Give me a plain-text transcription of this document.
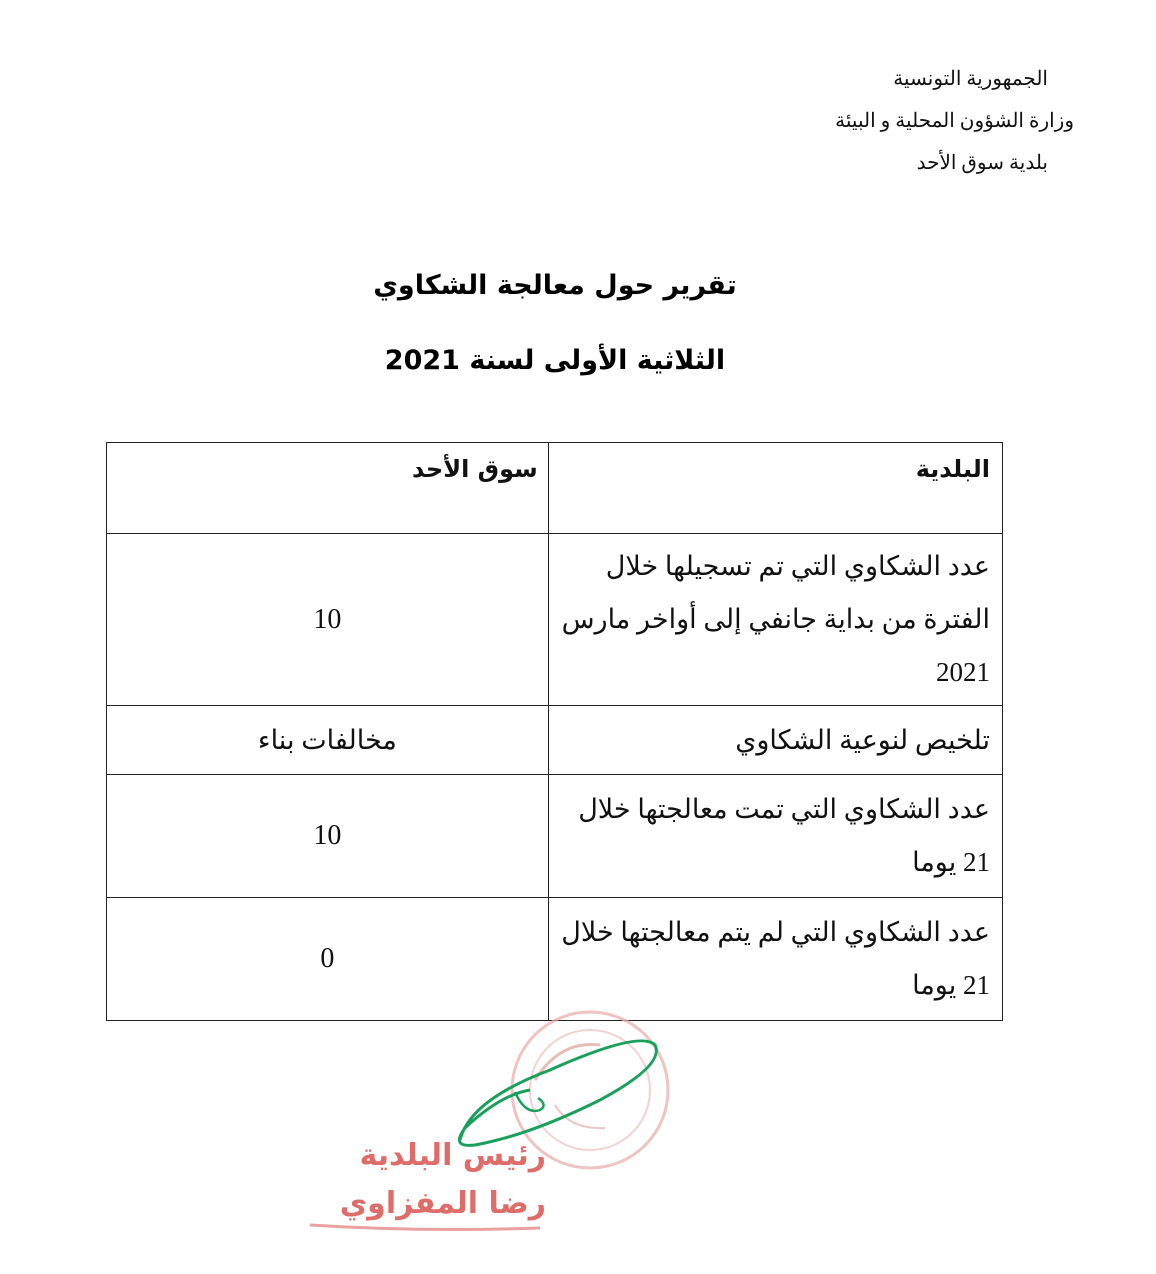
الجمهورية التونسية
وزارة الشؤون المحلية و البيئة
بلدية سوق الأحد
تقرير حول معالجة الشكاوي
الثلاثية الأولى لسنة 2021
البلدية	سوق الأحد
عدد الشكاوي التي تم تسجيلها خلال الفترة من بداية جانفي إلى أواخر مارس 2021	10
تلخيص لنوعية الشكاوي	مخالفات بناء
عدد الشكاوي التي تمت معالجتها خلال 21 يوما	10
عدد الشكاوي التي لم يتم معالجتها خلال 21 يوما	0
رئيس البلدية
رضا المفزاوي
